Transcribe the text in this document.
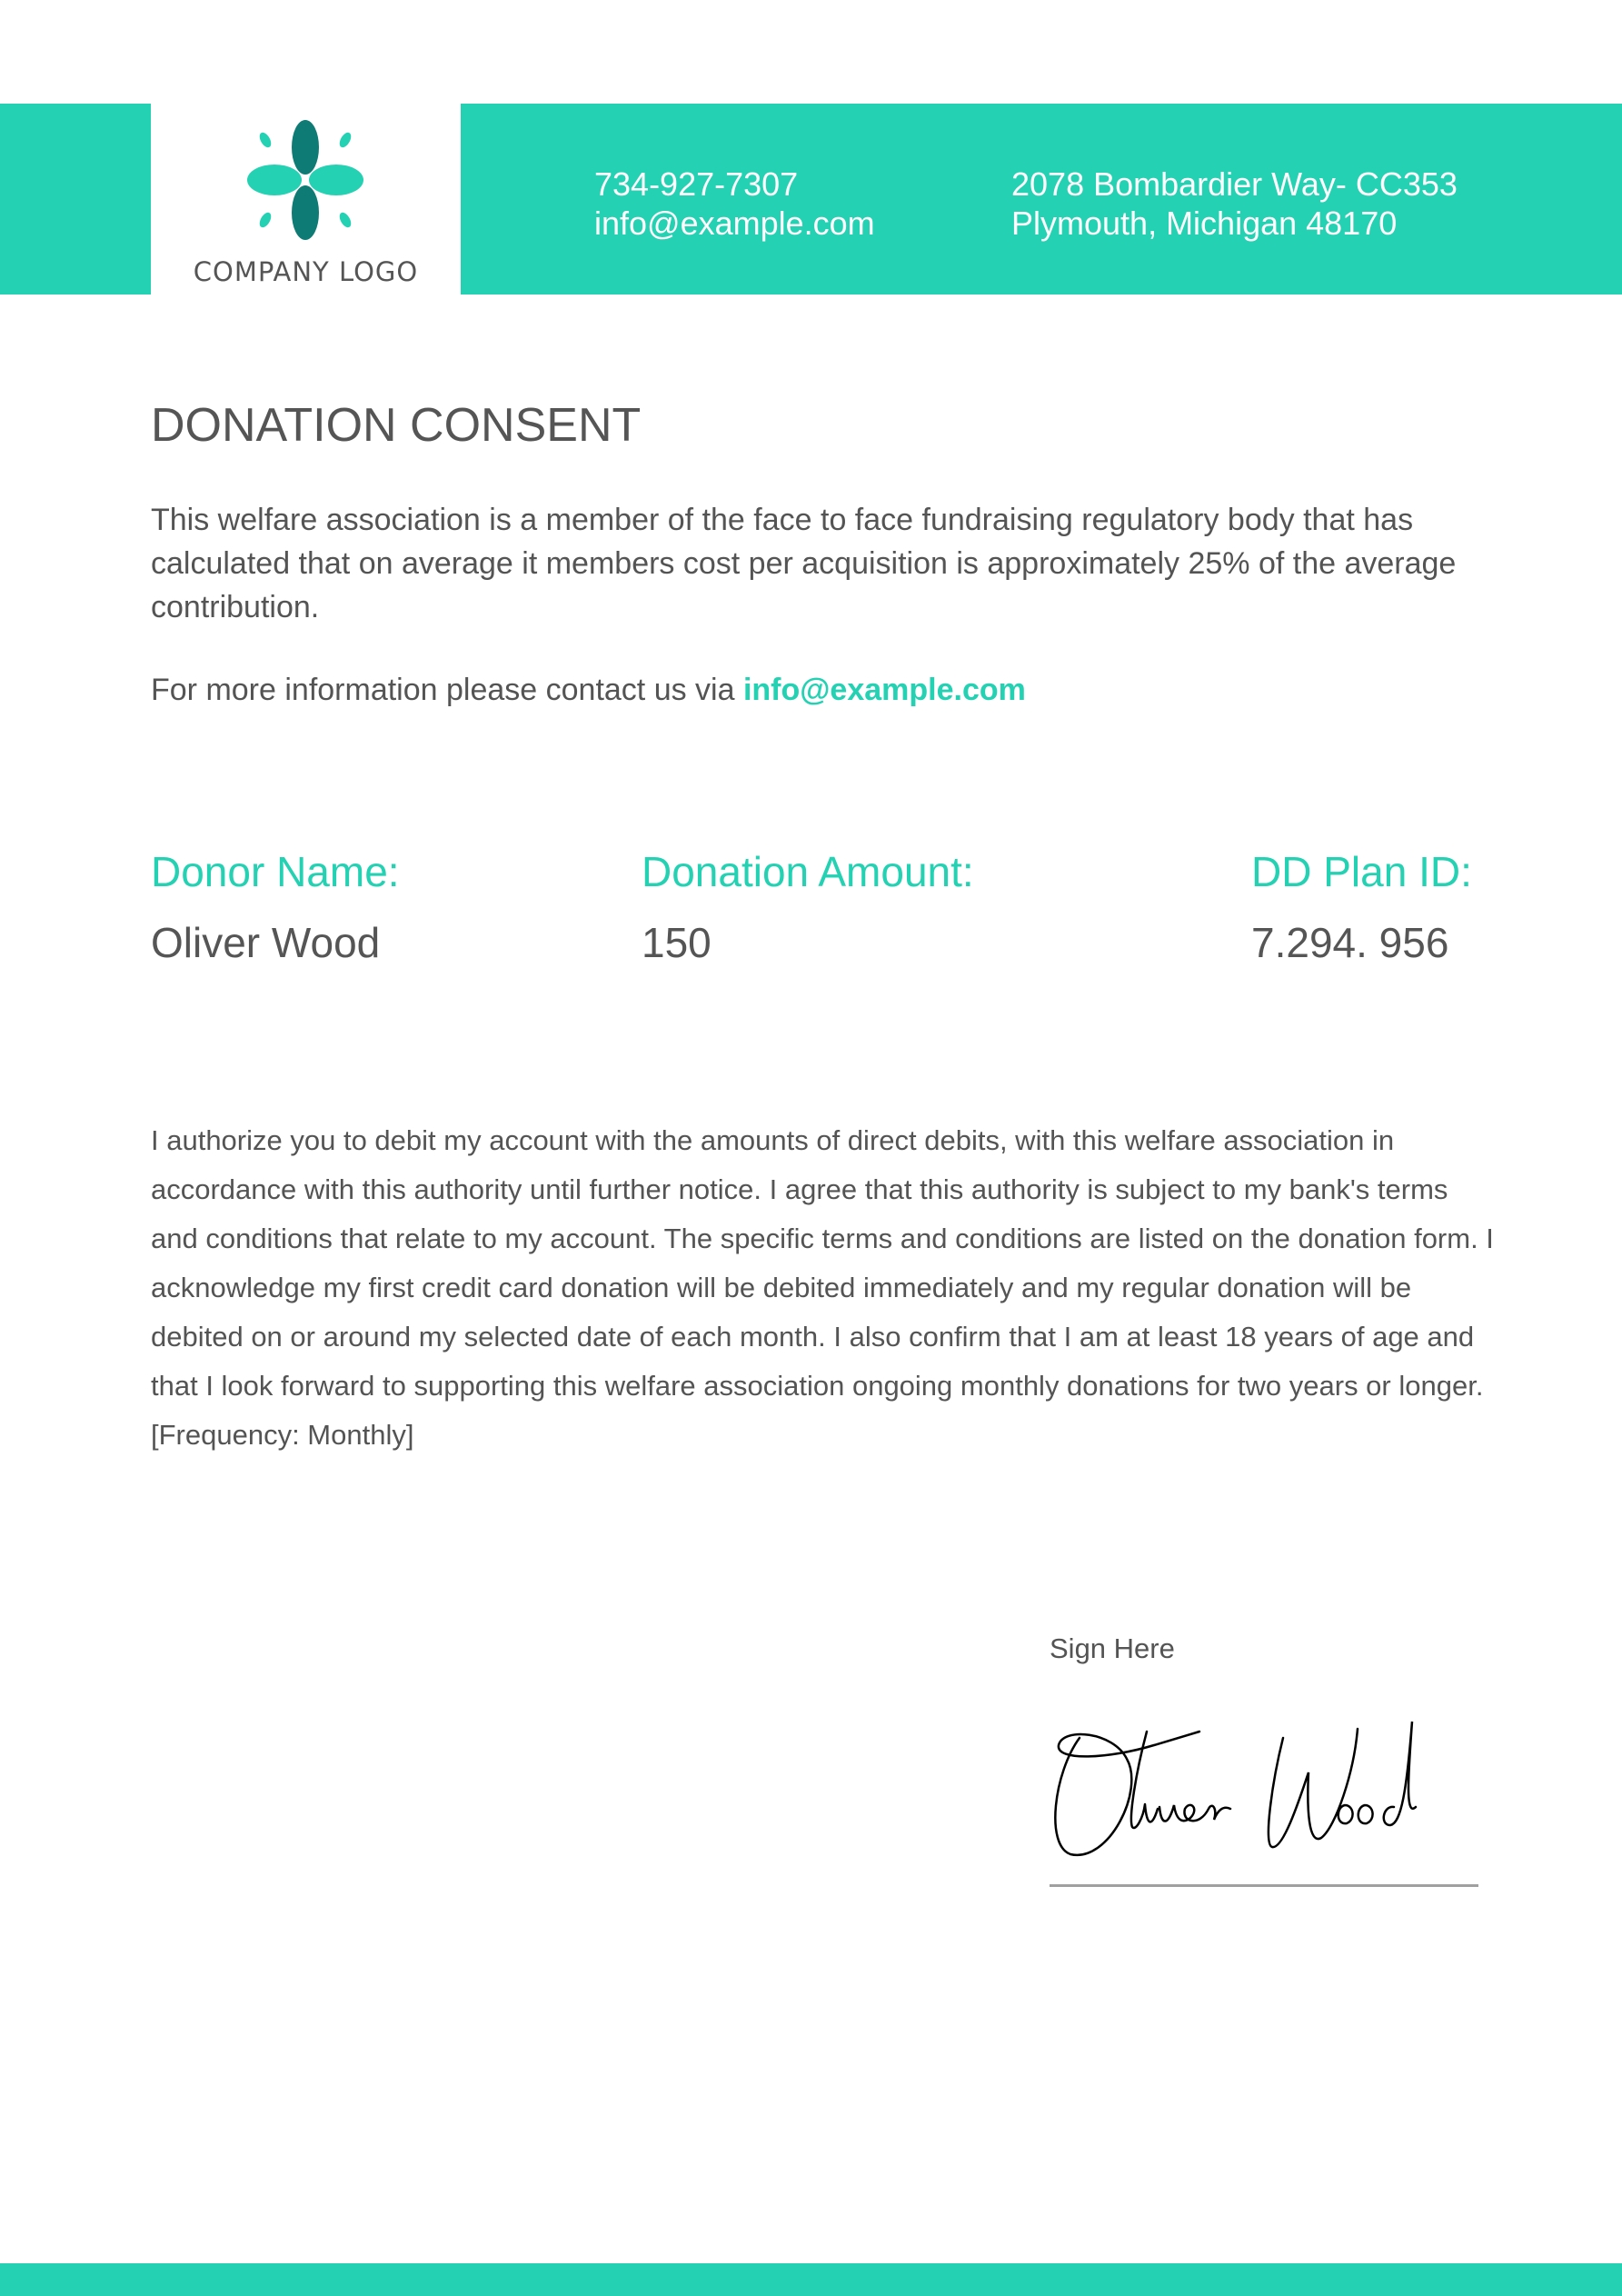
COMPANY LOGO
734-927-7307
info@example.com
2078 Bombardier Way- CC353
Plymouth, Michigan 48170
DONATION CONSENT
This welfare association is a member of the face to face fundraising regulatory body that has calculated that on average it members cost per acquisition is approximately 25% of the average contribution.
For more information please contact us via info@example.com
Donor Name:
Oliver Wood
Donation Amount:
150
DD Plan ID:
7.294. 956
I authorize you to debit my account with the amounts of direct debits, with this welfare association in accordance with this authority until further notice. I agree that this authority is subject to my bank's terms and conditions that relate to my account. The specific terms and conditions are listed on the donation form. I acknowledge my first credit card donation will be debited immediately and my regular donation will be debited on or around my selected date of each month. I also confirm that I am at least 18 years of age and that I look forward to supporting this welfare association ongoing monthly donations for two years or longer. [Frequency: Monthly]
Sign Here
